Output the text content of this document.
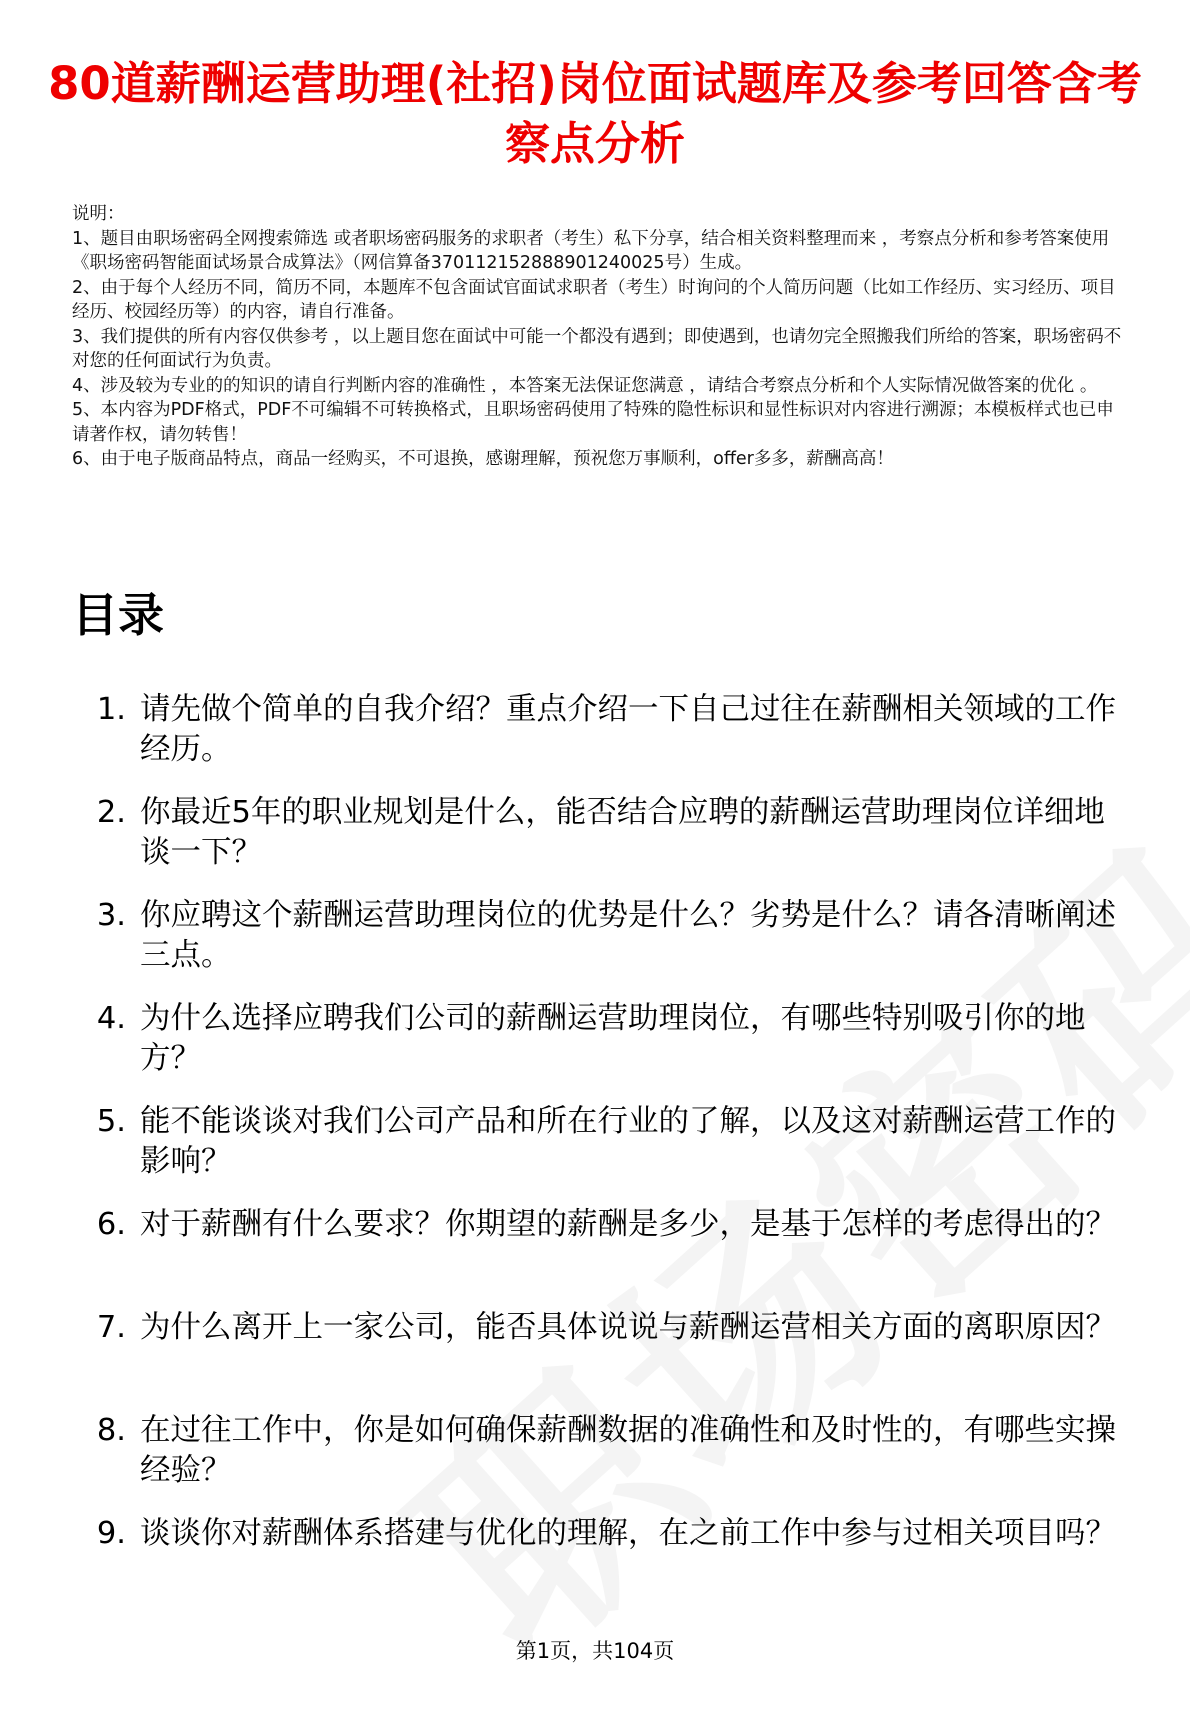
80道薪酬运营助理(社招)岗位面试题库及参考回答含考察点分析

说明：

1、题目由职场密码全网搜索筛选 或者职场密码服务的求职者（考生）私下分享，结合相关资料整理而来 ，考察点分析和参考答案使用《职场密码智能面试场景合成算法》（网信算备370112152888901240025号）生成。

2、由于每个人经历不同，简历不同，本题库不包含面试官面试求职者（考生）时询问的个人简历问题（比如工作经历、实习经历、项目经历、校园经历等）的内容，请自行准备。

3、我们提供的所有内容仅供参考 ，以上题目您在面试中可能一个都没有遇到；即使遇到，也请勿完全照搬我们所给的答案，职场密码不对您的任何面试行为负责。

4、涉及较为专业的的知识的请自行判断内容的准确性 ，本答案无法保证您满意 ，请结合考察点分析和个人实际情况做答案的优化 。

5、本内容为PDF格式，PDF不可编辑不可转换格式，且职场密码使用了特殊的隐性标识和显性标识对内容进行溯源；本模板样式也已申请著作权，请勿转售！

6、由于电子版商品特点，商品一经购买，不可退换，感谢理解，预祝您万事顺利，offer多多，薪酬高高！

目录
1. 请先做个简单的自我介绍？重点介绍一下自己过往在薪酬相关领域的工作经历。
2. 你最近5年的职业规划是什么，能否结合应聘的薪酬运营助理岗位详细地谈一下？
3. 你应聘这个薪酬运营助理岗位的优势是什么？劣势是什么？请各清晰阐述三点。
4. 为什么选择应聘我们公司的薪酬运营助理岗位，有哪些特别吸引你的地方？
5. 能不能谈谈对我们公司产品和所在行业的了解，以及这对薪酬运营工作的影响？
6. 对于薪酬有什么要求？你期望的薪酬是多少，是基于怎样的考虑得出的？
7. 为什么离开上一家公司，能否具体说说与薪酬运营相关方面的离职原因？
8. 在过往工作中，你是如何确保薪酬数据的准确性和及时性的，有哪些实操经验？
9. 谈谈你对薪酬体系搭建与优化的理解，在之前工作中参与过相关项目吗？
第1页，共104页
